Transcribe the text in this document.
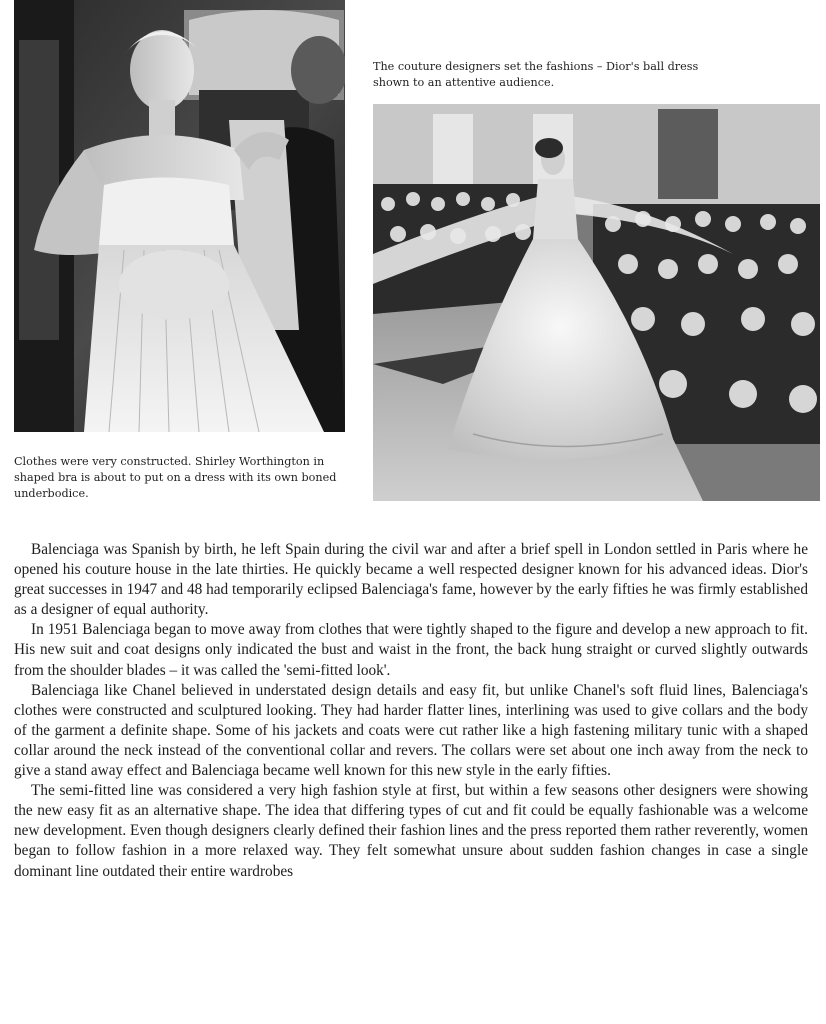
Clothes were very constructed. Shirley Worthington in shaped bra is about to put on a dress with its own boned underbodice.

The couture designers set the fashions – Dior's ball dress shown to an attentive audience.

Balenciaga was Spanish by birth, he left Spain during the civil war and after a brief spell in London settled in Paris where he opened his couture house in the late thirties. He quickly became a well respected designer known for his advanced ideas. Dior's great successes in 1947 and 48 had temporarily eclipsed Balenciaga's fame, however by the early fifties he was firmly established as a designer of equal authority.

In 1951 Balenciaga began to move away from clothes that were tightly shaped to the figure and develop a new approach to fit. His new suit and coat designs only indicated the bust and waist in the front, the back hung straight or curved slightly outwards from the shoulder blades – it was called the 'semi-fitted look'.

Balenciaga like Chanel believed in understated design details and easy fit, but unlike Chanel's soft fluid lines, Balenciaga's clothes were constructed and sculptured looking. They had harder flatter lines, interlining was used to give collars and the body of the garment a definite shape. Some of his jackets and coats were cut rather like a high fastening military tunic with a shaped collar around the neck instead of the conventional collar and revers. The collars were set about one inch away from the neck to give a stand away effect and Balenciaga became well known for this new style in the early fifties.

The semi-fitted line was considered a very high fashion style at first, but within a few seasons other designers were showing the new easy fit as an alternative shape. The idea that differing types of cut and fit could be equally fashionable was a welcome new development. Even though designers clearly defined their fashion lines and the press reported them rather reverently, women began to follow fashion in a more relaxed way. They felt somewhat unsure about sudden fashion changes in case a single dominant line outdated their entire wardrobes
